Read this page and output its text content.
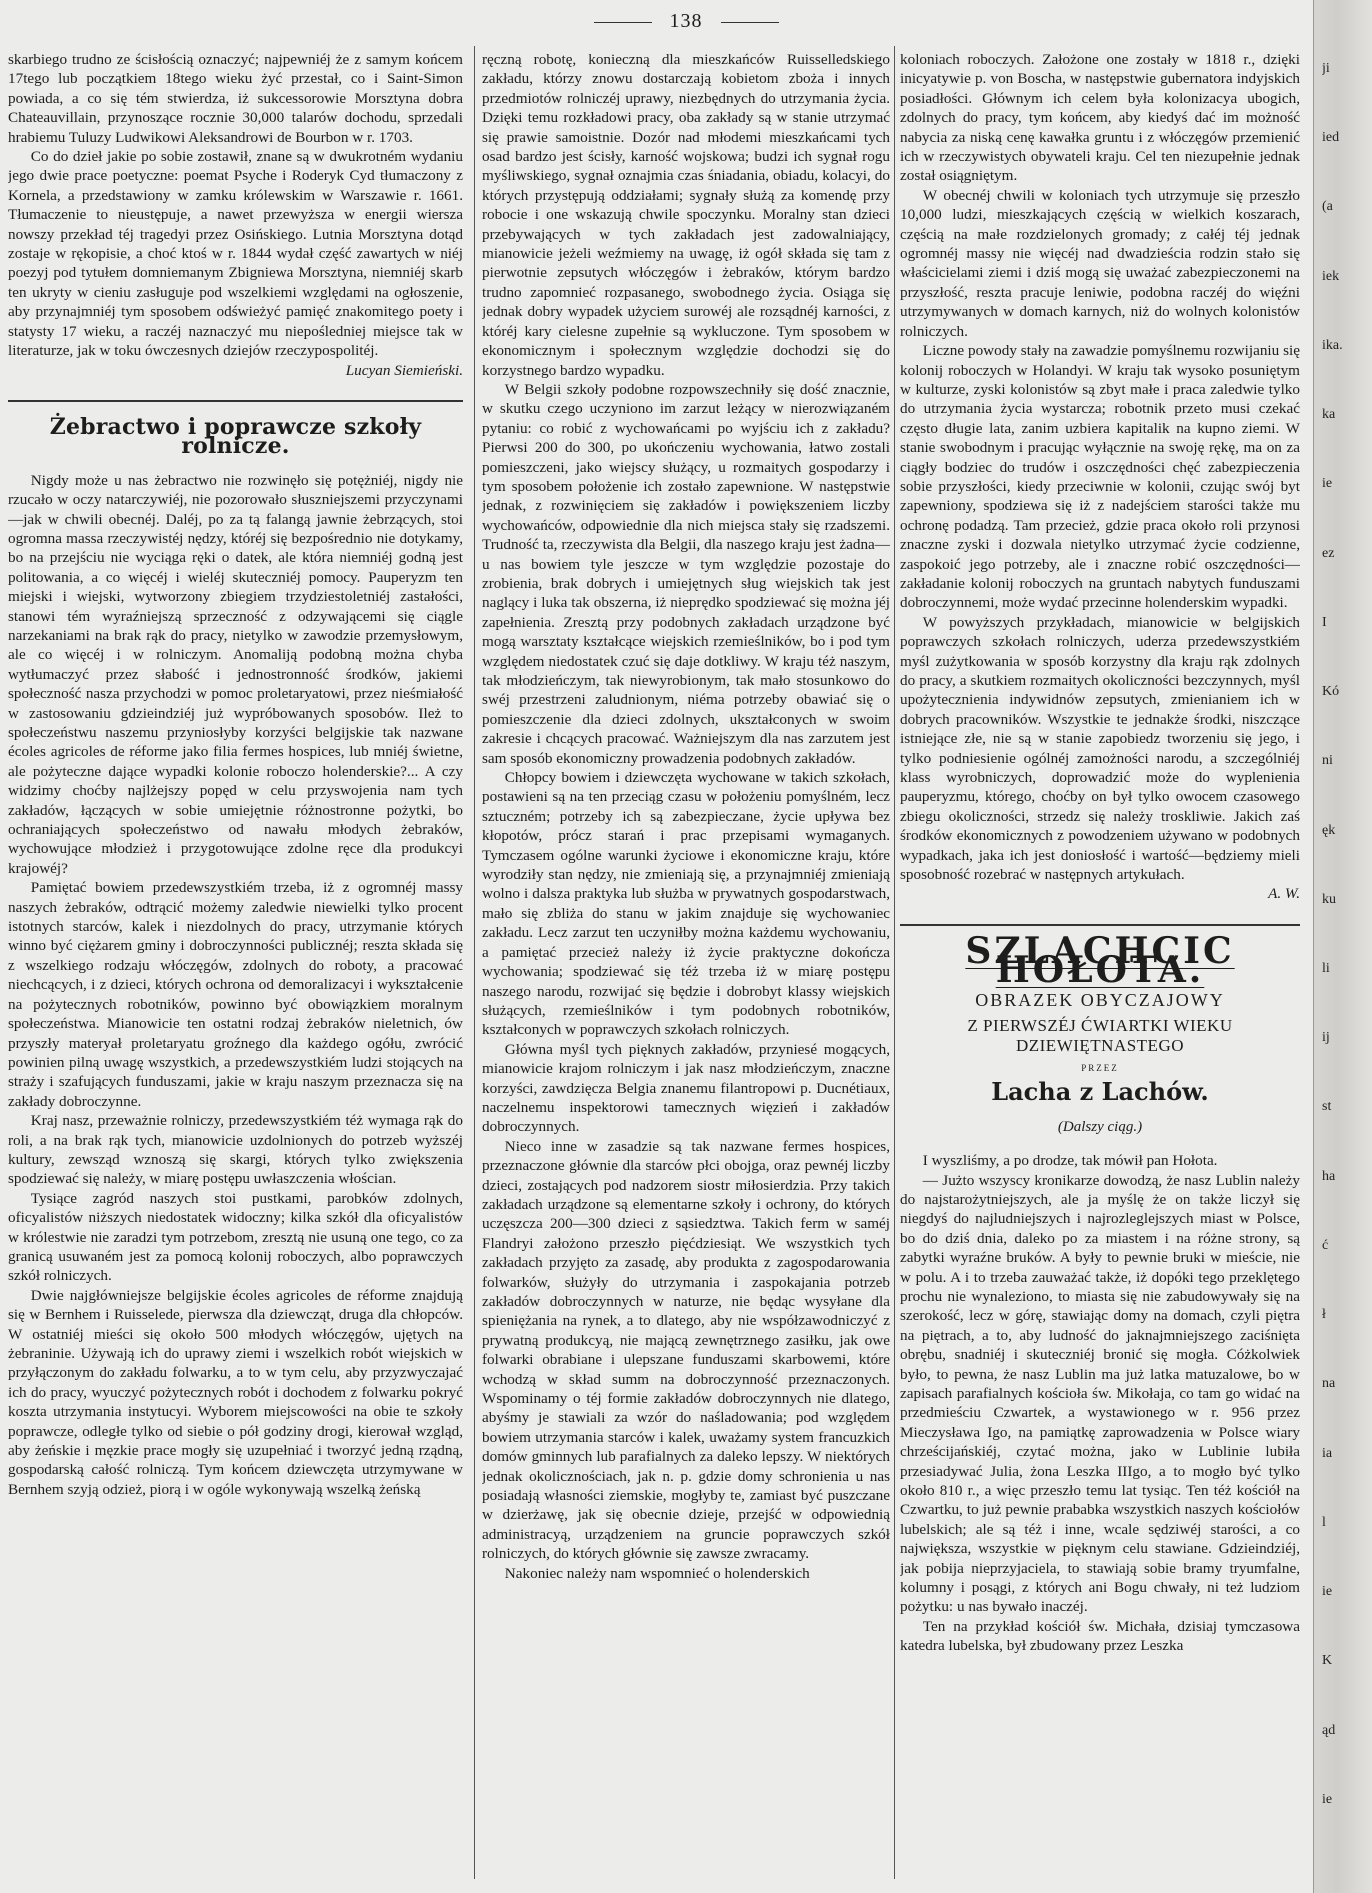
138

skarbiego trudno ze ścisłością oznaczyć; najpewniéj że z samym końcem 17tego lub początkiem 18tego wieku żyć przestał, co i Saint-Simon powiada, a co się tém stwierdza, iż sukcessorowie Morsztyna dobra Chateauvillain, przynoszące rocznie 30,000 talarów dochodu, sprzedali hrabiemu Tuluzy Ludwikowi Aleksandrowi de Bourbon w r. 1703.

Co do dzieł jakie po sobie zostawił, znane są w dwukrotném wydaniu jego dwie prace poetyczne: poemat Psyche i Roderyk Cyd tłumaczony z Kornela, a przedstawiony w zamku królewskim w Warszawie r. 1661. Tłumaczenie to nieustępuje, a nawet przewyższa w energii wiersza nowszy przekład téj tragedyi przez Osińskiego. Lutnia Morsztyna dotąd zostaje w rękopisie, a choć ktoś w r. 1844 wydał część zawartych w niéj poezyj pod tytułem domniemanym Zbigniewa Morsztyna, niemniéj skarb ten ukryty w cieniu zasługuje pod wszelkiemi względami na ogłoszenie, aby przynajmniéj tym sposobem odświeżyć pamięć znakomitego poety i statysty 17 wieku, a raczéj naznaczyć mu niepośledniej miejsce tak w literaturze, jak w toku ówczesnych dziejów rzeczypospolitéj.

Lucyan Siemieński.
Żebractwo i poprawcze szkoły rolnicze.

Nigdy może u nas żebractwo nie rozwinęło się potężniéj, nigdy nie rzucało w oczy natarczywiéj, nie pozorowało słuszniejszemi przyczynami—jak w chwili obecnéj. Daléj, po za tą falangą jawnie żebrzących, stoi ogromna massa rzeczywistéj nędzy, któréj się bezpośrednio nie dotykamy, bo na przejściu nie wyciąga ręki o datek, ale która niemniéj godną jest politowania, a co więcéj i wieléj skuteczniéj pomocy. Pauperyzm ten miejski i wiejski, wytworzony zbiegiem trzydziestoletniéj zastałości, stanowi tém wyraźniejszą sprzeczność z odzywającemi się ciągle narzekaniami na brak rąk do pracy, nietylko w zawodzie przemysłowym, ale co więcéj i w rolniczym. Anomaliją podobną można chyba wytłumaczyć przez słabość i jednostronność środków, jakiemi społeczność nasza przychodzi w pomoc proletaryatowi, przez nieśmiałość w zastosowaniu gdzieindziéj już wypróbowanych sposobów. Ileż to społeczeństwu naszemu przyniosłyby korzyści belgijskie tak nazwane écoles agricoles de réforme jako filia fermes hospices, lub mniéj świetne, ale pożyteczne dające wypadki kolonie roboczo holenderskie?... A czy widzimy choćby najlżejszy popęd w celu przyswojenia nam tych zakładów, łączących w sobie umiejętnie różnostronne pożytki, bo ochraniających społeczeństwo od nawału młodych żebraków, wychowujące młodzież i przygotowujące zdolne ręce dla produkcyi krajowéj?

Pamiętać bowiem przedewszystkiém trzeba, iż z ogromnéj massy naszych żebraków, odtrącić możemy zaledwie niewielki tylko procent istotnych starców, kalek i niezdolnych do pracy, utrzymanie których winno być ciężarem gminy i dobroczynności publicznéj; reszta składa się z wszelkiego rodzaju włóczęgów, zdolnych do roboty, a pracować niechcących, i z dzieci, których ochrona od demoralizacyi i wykształcenie na pożytecznych robotników, powinno być obowiązkiem moralnym społeczeństwa. Mianowicie ten ostatni rodzaj żebraków nieletnich, ów przyszły materyał proletaryatu groźnego dla każdego ogółu, zwrócić powinien pilną uwagę wszystkich, a przedewszystkiém ludzi stojących na straży i szafujących funduszami, jakie w kraju naszym przeznacza się na zakłady dobroczynne.

Kraj nasz, przeważnie rolniczy, przedewszystkiém téż wymaga rąk do roli, a na brak rąk tych, mianowicie uzdolnionych do potrzeb wyższéj kultury, zewsząd wznoszą się skargi, których tylko zwiększenia spodziewać się należy, w miarę postępu uwłaszczenia włościan.

Tysiące zagród naszych stoi pustkami, parobków zdolnych, oficyalistów niższych niedostatek widoczny; kilka szkół dla oficyalistów w królestwie nie zaradzi tym potrzebom, zresztą nie usuną one tego, co za granicą usuwaném jest za pomocą kolonij roboczych, albo poprawczych szkół rolniczych.

Dwie najgłówniejsze belgijskie écoles agricoles de réforme znajdują się w Bernhem i Ruisselede, pierwsza dla dziewcząt, druga dla chłopców. W ostatniéj mieści się około 500 młodych włóczęgów, ujętych na żebraninie. Używają ich do uprawy ziemi i wszelkich robót wiejskich w przyłączonym do zakładu folwarku, a to w tym celu, aby przyzwyczajać ich do pracy, wyuczyć pożytecznych robót i dochodem z folwarku pokryć koszta utrzymania instytucyi. Wyborem miejscowości na obie te szkoły poprawcze, odległe tylko od siebie o pół godziny drogi, kierował wzgląd, aby żeńskie i męzkie prace mogły się uzupełniać i tworzyć jedną rządną, gospodarską całość rolniczą. Tym końcem dziewczęta utrzymywane w Bernhem szyją odzież, piorą i w ogóle wykonywają wszelką żeńską

ręczną robotę, konieczną dla mieszkańców Ruisselledskiego zakładu, którzy znowu dostarczają kobietom zboża i innych przedmiotów rolniczéj uprawy, niezbędnych do utrzymania życia. Dzięki temu rozkładowi pracy, oba zakłady są w stanie utrzymać się prawie samoistnie. Dozór nad młodemi mieszkańcami tych osad bardzo jest ścisły, karność wojskowa; budzi ich sygnał rogu myśliwskiego, sygnał oznajmia czas śniadania, obiadu, kolacyi, do których przystępują oddziałami; sygnały służą za komendę przy robocie i one wskazują chwile spoczynku. Moralny stan dzieci przebywających w tych zakładach jest zadowalniający, mianowicie jeżeli weźmiemy na uwagę, iż ogół składa się tam z pierwotnie zepsutych włóczęgów i żebraków, którym bardzo trudno zapomnieć rozpasanego, swobodnego życia. Osiąga się jednak dobry wypadek użyciem surowéj ale rozsądnéj karności, z któréj kary cielesne zupełnie są wykluczone. Tym sposobem w ekonomicznym i społecznym względzie dochodzi się do korzystnego bardzo wypadku.

W Belgii szkoły podobne rozpowszechniły się dość znacznie, w skutku czego uczyniono im zarzut leżący w nierozwiązaném pytaniu: co robić z wychowańcami po wyjściu ich z zakładu? Pierwsi 200 do 300, po ukończeniu wychowania, łatwo zostali pomieszczeni, jako wiejscy służący, u rozmaitych gospodarzy i tym sposobem położenie ich zostało zapewnione. W następstwie jednak, z rozwinięciem się zakładów i powiększeniem liczby wychowańców, odpowiednie dla nich miejsca stały się rzadszemi. Trudność ta, rzeczywista dla Belgii, dla naszego kraju jest żadna—u nas bowiem tyle jeszcze w tym względzie pozostaje do zrobienia, brak dobrych i umiejętnych sług wiejskich tak jest naglący i luka tak obszerna, iż nieprędko spodziewać się można jéj zapełnienia. Zresztą przy podobnych zakładach urządzone być mogą warsztaty kształcące wiejskich rzemieślników, bo i pod tym względem niedostatek czuć się daje dotkliwy. W kraju téż naszym, tak młodzieńczym, tak niewyrobionym, tak mało stosunkowo do swéj przestrzeni zaludnionym, niéma potrzeby obawiać się o pomieszczenie dla dzieci zdolnych, ukształconych w swoim zakresie i chcących pracować. Ważniejszym dla nas zarzutem jest sam sposób ekonomiczny prowadzenia podobnych zakładów.

Chłopcy bowiem i dziewczęta wychowane w takich szkołach, postawieni są na ten przeciąg czasu w położeniu pomyślném, lecz sztuczném; potrzeby ich są zabezpieczane, życie upływa bez kłopotów, prócz starań i prac przepisami wymaganych. Tymczasem ogólne warunki życiowe i ekonomiczne kraju, które wyrodziły stan nędzy, nie zmieniają się, a przynajmniéj zmieniają wolno i dalsza praktyka lub służba w prywatnych gospodarstwach, mało się zbliża do stanu w jakim znajduje się wychowaniec zakładu. Lecz zarzut ten uczyniłby można każdemu wychowaniu, a pamiętać przecież należy iż życie praktyczne dokończa wychowania; spodziewać się téż trzeba iż w miarę postępu naszego narodu, rozwijać się będzie i dobrobyt klassy wiejskich służących, rzemieślników i tym podobnych robotników, kształconych w poprawczych szkołach rolniczych.

Główna myśl tych pięknych zakładów, przyniesé mogących, mianowicie krajom rolniczym i jak nasz młodzieńczym, znaczne korzyści, zawdzięcza Belgia znanemu filantropowi p. Ducnétiaux, naczelnemu inspektorowi tamecznych więzień i zakładów dobroczynnych.

Nieco inne w zasadzie są tak nazwane fermes hospices, przeznaczone głównie dla starców płci obojga, oraz pewnéj liczby dzieci, zostających pod nadzorem siostr miłosierdzia. Przy takich zakładach urządzone są elementarne szkoły i ochrony, do których uczęszcza 200—300 dzieci z sąsiedztwa. Takich ferm w saméj Flandryi założono przeszło pięćdziesiąt. We wszystkich tych zakładach przyjęto za zasadę, aby produkta z zagospodarowania folwarków, służyły do utrzymania i zaspokajania potrzeb zakładów dobroczynnych w naturze, nie będąc wysyłane dla spieniężania na rynek, a to dlatego, aby nie współzawodniczyć z prywatną produkcyą, nie mającą zewnętrznego zasiłku, jak owe folwarki obrabiane i ulepszane funduszami skarbowemi, które wchodzą w skład summ na dobroczynność przeznaczonych. Wspominamy o téj formie zakładów dobroczynnych nie dlatego, abyśmy je stawiali za wzór do naśladowania; pod względem bowiem utrzymania starców i kalek, uważamy system francuzkich domów gminnych lub parafialnych za daleko lepszy. W niektórych jednak okolicznościach, jak n. p. gdzie domy schronienia u nas posiadają własności ziemskie, mogłyby te, zamiast być puszczane w dzierżawę, jak się obecnie dzieje, przejść w odpowiednią administracyą, urządzeniem na gruncie poprawczych szkół rolniczych, do których głównie się zawsze zwracamy.

Nakoniec należy nam wspomnieć o holenderskich

koloniach roboczych. Założone one zostały w 1818 r., dzięki inicyatywie p. von Boscha, w następstwie gubernatora indyjskich posiadłości. Głównym ich celem była kolonizacya ubogich, zdolnych do pracy, tym końcem, aby kiedyś dać im możność nabycia za niską cenę kawałka gruntu i z włóczęgów przemienić ich w rzeczywistych obywateli kraju. Cel ten niezupełnie jednak został osiągniętym.

W obecnéj chwili w koloniach tych utrzymuje się przeszło 10,000 ludzi, mieszkających częścią w wielkich koszarach, częścią na małe rozdzielonych gromady; z całéj téj jednak ogromnéj massy nie więcéj nad dwadzieścia rodzin stało się właścicielami ziemi i dziś mogą się uważać zabezpieczonemi na przyszłość, reszta pracuje leniwie, podobna raczéj do więźni utrzymywanych w domach karnych, niż do wolnych kolonistów rolniczych.

Liczne powody stały na zawadzie pomyślnemu rozwijaniu się kolonij roboczych w Holandyi. W kraju tak wysoko posuniętym w kulturze, zyski kolonistów są zbyt małe i praca zaledwie tylko do utrzymania życia wystarcza; robotnik przeto musi czekać często długie lata, zanim uzbiera kapitalik na kupno ziemi. W stanie swobodnym i pracując wyłącznie na swoję rękę, ma on za ciągły bodziec do trudów i oszczędności chęć zabezpieczenia sobie przyszłości, kiedy przeciwnie w kolonii, czując swój byt zapewniony, spodziewa się iż z nadejściem starości także mu ochronę podadzą. Tam przecież, gdzie praca około roli przynosi znaczne zyski i dozwala nietylko utrzymać życie codzienne, zaspokoić jego potrzeby, ale i znaczne robić oszczędności—zakładanie kolonij roboczych na gruntach nabytych funduszami dobroczynnemi, może wydać przecinne holenderskim wypadki.

W powyższych przykładach, mianowicie w belgijskich poprawczych szkołach rolniczych, uderza przedewszystkiém myśl zużytkowania w sposób korzystny dla kraju rąk zdolnych do pracy, a skutkiem rozmaitych okoliczności bezczynnych, myśl upożytecznienia indywidnów zepsutych, zmienianiem ich w dobrych pracowników. Wszystkie te jednakże środki, niszczące istniejące złe, nie są w stanie zapobiedz tworzeniu się jego, i tylko podniesienie ogólnéj zamożności narodu, a szczególniéj klass wyrobniczych, doprowadzić może do wyplenienia pauperyzmu, którego, choćby on był tylko owocem czasowego zbiegu okoliczności, strzedz się należy troskliwie. Jakich zaś środków ekonomicznych z powodzeniem używano w podobnych wypadkach, jaka ich jest doniosłość i wartość—będziemy mieli sposobność rozebrać w następnych artykułach.

A. W.
SZLACHCIC HOŁOTA.
OBRAZEK OBYCZAJOWY
Z PIERWSZÉJ ĆWIARTKI WIEKU DZIEWIĘTNASTEGO
PRZEZ
Lacha z Lachów.
(Dalszy ciąg.)

I wyszliśmy, a po drodze, tak mówił pan Hołota.

— Jużto wszyscy kronikarze dowodzą, że nasz Lublin należy do najstarożytniejszych, ale ja myślę że on także liczył się niegdyś do najludniejszych i najrozleglejszych miast w Polsce, bo do dziś dnia, daleko po za miastem i na różne strony, są zabytki wyraźne bruków. A były to pewnie bruki w mieście, nie w polu. A i to trzeba zauważać także, iż dopóki tego przeklętego prochu nie wynaleziono, to miasta się nie zabudowywały się na szerokość, lecz w górę, stawiając domy na domach, czyli piętra na piętrach, a to, aby ludność do jaknajmniejszego zaciśnięta obrębu, snadniéj i skuteczniéj bronić się mogła. Cóżkolwiek było, to pewna, że nasz Lublin ma już latka matuzalowe, bo w zapisach parafialnych kościoła św. Mikołaja, co tam go widać na przedmieściu Czwartek, a wystawionego w r. 956 przez Mieczysława Igo, na pamiątkę zaprowadzenia w Polsce wiary chrześcijańskiéj, czytać można, jako w Lublinie lubiła przesiadywać Julia, żona Leszka IIIgo, a to mogło być tylko około 810 r., a więc przeszło temu lat tysiąc. Ten téż kościół na Czwartku, to już pewnie prababka wszystkich naszych kościołów lubelskich; ale są téż i inne, wcale sędziwéj starości, a co największa, wszystkie w pięknym celu stawiane. Gdzieindziéj, jak pobija nieprzyjaciela, to stawiają sobie bramy tryumfalne, kolumny i posągi, z których ani Bogu chwały, ni też ludziom pożytku: u nas bywało inaczéj.

Ten na przykład kościół św. Michała, dzisiaj tymczasowa katedra lubelska, był zbudowany przez Leszka

ji
ied
(a
iek
ika.
ka
ie
ez
I
Kó
ni
ęk
ku
li
ij
st
ha
ć
ł
na
ia
l
ie
K
ąd
ie
